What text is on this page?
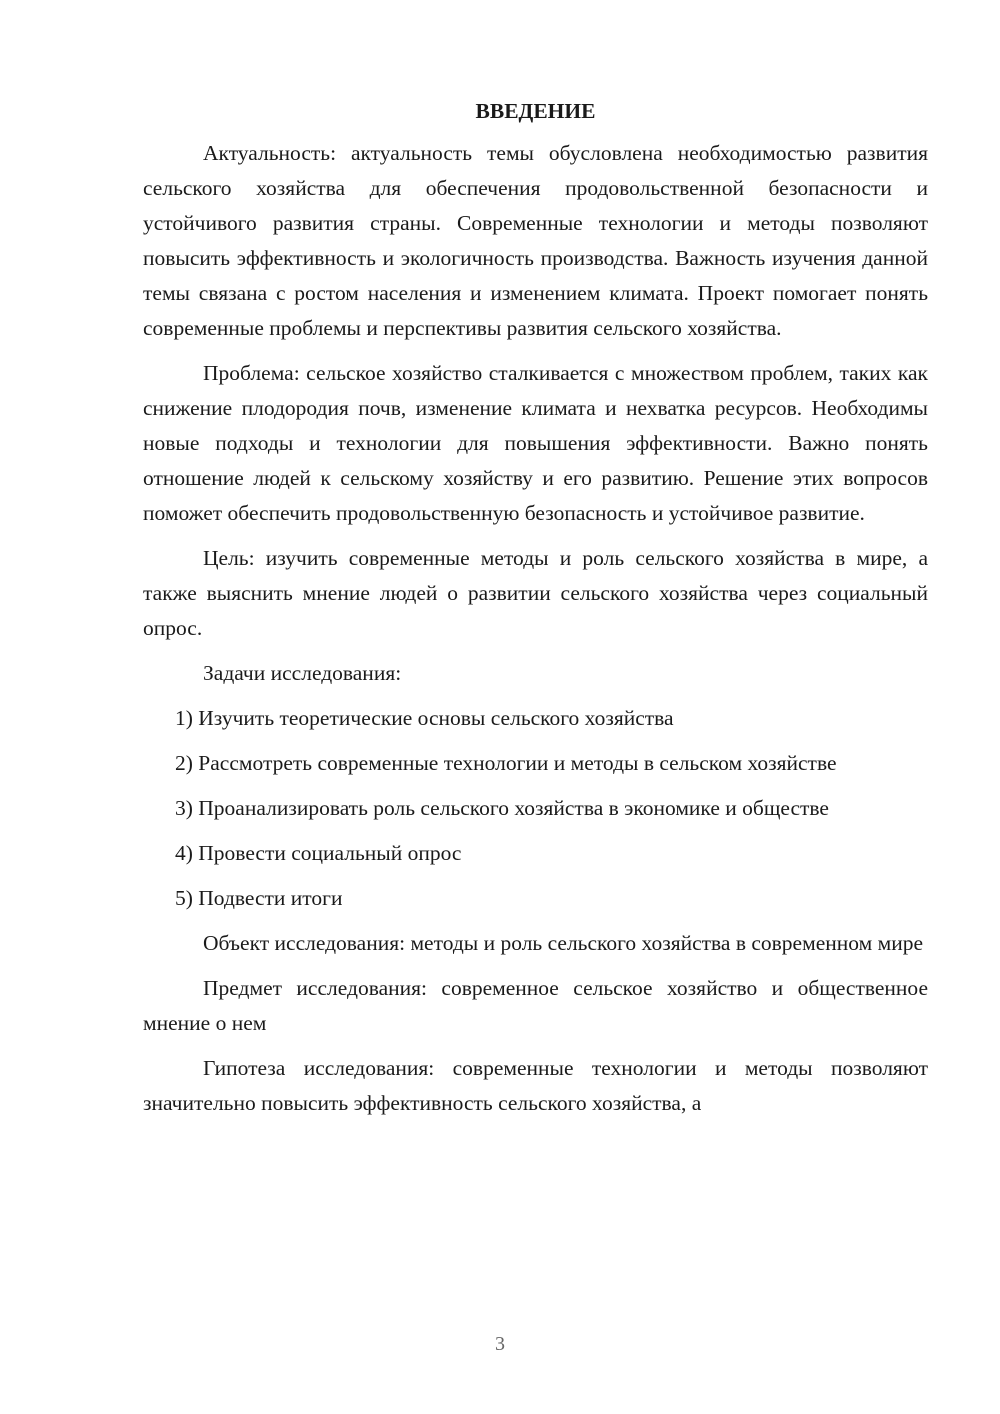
ВВЕДЕНИЕ

Актуальность: актуальность темы обусловлена необходимостью развития сельского хозяйства для обеспечения продовольственной безопасности и устойчивого развития страны. Современные технологии и методы позволяют повысить эффективность и экологичность производства. Важность изучения данной темы связана с ростом населения и изменением климата. Проект помогает понять современные проблемы и перспективы развития сельского хозяйства.

Проблема: сельское хозяйство сталкивается с множеством проблем, таких как снижение плодородия почв, изменение климата и нехватка ресурсов. Необходимы новые подходы и технологии для повышения эффективности. Важно понять отношение людей к сельскому хозяйству и его развитию. Решение этих вопросов поможет обеспечить продовольственную безопасность и устойчивое развитие.

Цель: изучить современные методы и роль сельского хозяйства в мире, а также выяснить мнение людей о развитии сельского хозяйства через социальный опрос.

Задачи исследования:

1) Изучить теоретические основы сельского хозяйства

2) Рассмотреть современные технологии и методы в сельском хозяйстве

3) Проанализировать роль сельского хозяйства в экономике и обществе

4) Провести социальный опрос

5) Подвести итоги

Объект исследования: методы и роль сельского хозяйства в современном мире

Предмет исследования: современное сельское хозяйство и общественное мнение о нем

Гипотеза исследования: современные технологии и методы позволяют значительно повысить эффективность сельского хозяйства, а

3
